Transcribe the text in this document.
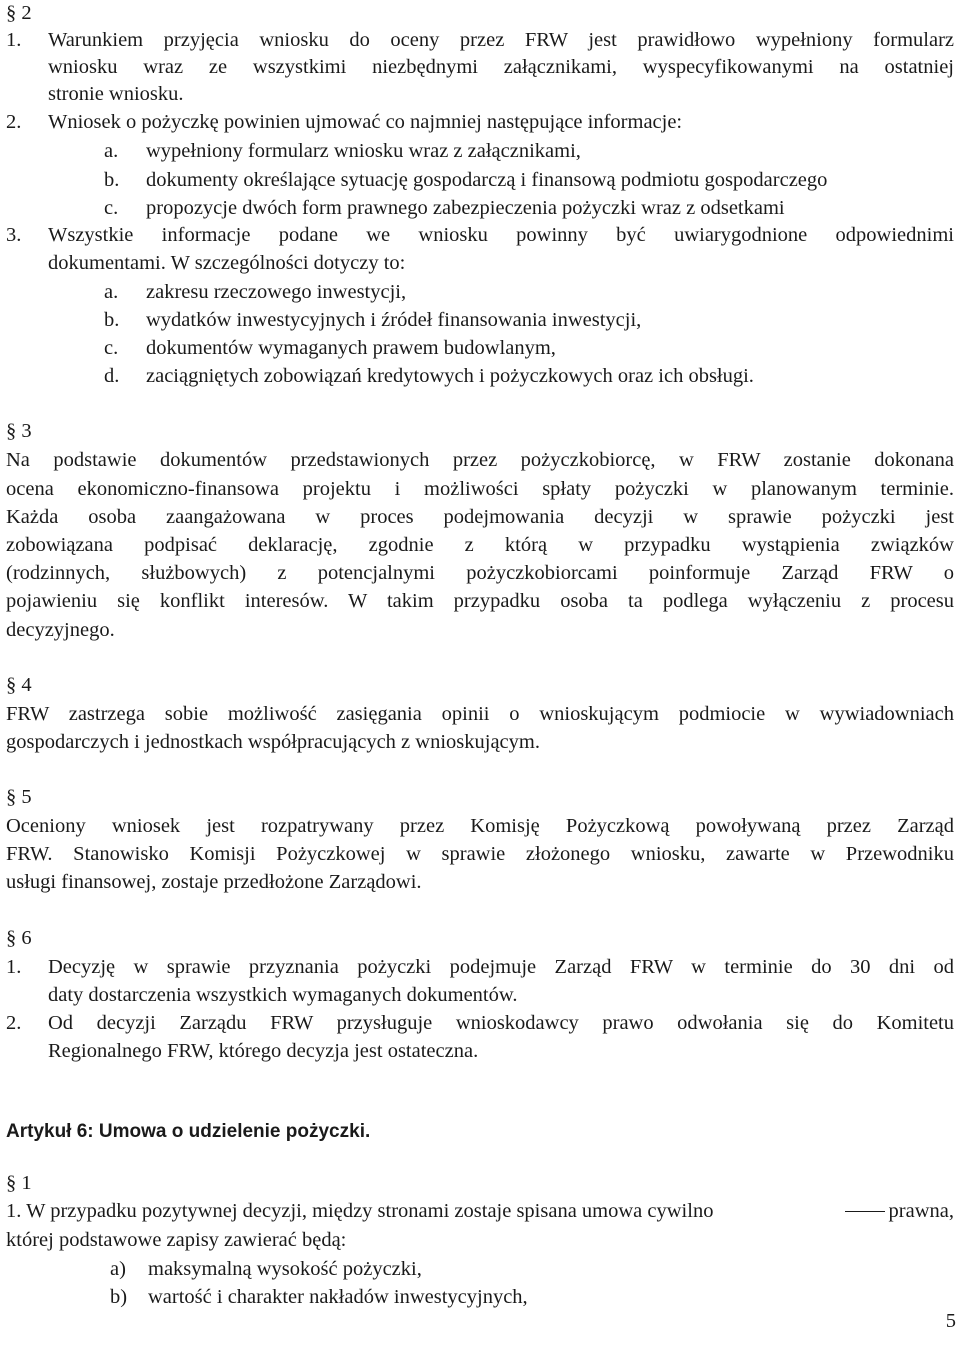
§ 2
1. Warunkiem przyjęcia wniosku do oceny przez FRW jest prawidłowo wypełniony formularz
wniosku wraz ze wszystkimi niezbędnymi załącznikami, wyspecyfikowanymi na ostatniej
stronie wniosku.
2. Wniosek o pożyczkę powinien ujmować co najmniej następujące informacje:
a. wypełniony formularz wniosku wraz z załącznikami,
b. dokumenty określające sytuację gospodarczą i finansową podmiotu gospodarczego
c. propozycje dwóch form prawnego zabezpieczenia pożyczki wraz z odsetkami
3. Wszystkie informacje podane we wniosku powinny być uwiarygodnione odpowiednimi
dokumentami. W szczególności dotyczy to:
a. zakresu rzeczowego inwestycji,
b. wydatków inwestycyjnych i źródeł finansowania inwestycji,
c. dokumentów wymaganych prawem budowlanym,
d. zaciągniętych zobowiązań kredytowych i pożyczkowych oraz ich obsługi.
§ 3
Na podstawie dokumentów przedstawionych przez pożyczkobiorcę, w FRW zostanie dokonana
ocena ekonomiczno-finansowa projektu i możliwości spłaty pożyczki w planowanym terminie.
Każda osoba zaangażowana w proces podejmowania decyzji w sprawie pożyczki jest
zobowiązana podpisać deklarację, zgodnie z którą w przypadku wystąpienia związków
(rodzinnych, służbowych) z potencjalnymi pożyczkobiorcami poinformuje Zarząd FRW o
pojawieniu się konflikt interesów. W takim przypadku osoba ta podlega wyłączeniu z procesu
decyzyjnego.
§ 4
FRW zastrzega sobie możliwość zasięgania opinii o wnioskującym podmiocie w wywiadowniach
gospodarczych i jednostkach współpracujących z wnioskującym.
§ 5
Oceniony wniosek jest rozpatrywany przez Komisję Pożyczkową powoływaną przez Zarząd
FRW. Stanowisko Komisji Pożyczkowej w sprawie złożonego wniosku, zawarte w Przewodniku
usługi finansowej, zostaje przedłożone Zarządowi.
§ 6
1. Decyzję w sprawie przyznania pożyczki podejmuje Zarząd FRW w terminie do 30 dni od
daty dostarczenia wszystkich wymaganych dokumentów.
2. Od decyzji Zarządu FRW przysługuje wnioskodawcy prawo odwołania się do Komitetu
Regionalnego FRW, którego decyzja jest ostateczna.
Artykuł 6: Umowa o udzielenie pożyczki.
§ 1
1. W przypadku pozytywnej decyzji, między stronami zostaje spisana umowa cywilno	prawna,
której podstawowe zapisy zawierać będą:
a) maksymalną wysokość pożyczki,
b) wartość i charakter nakładów inwestycyjnych,
5
